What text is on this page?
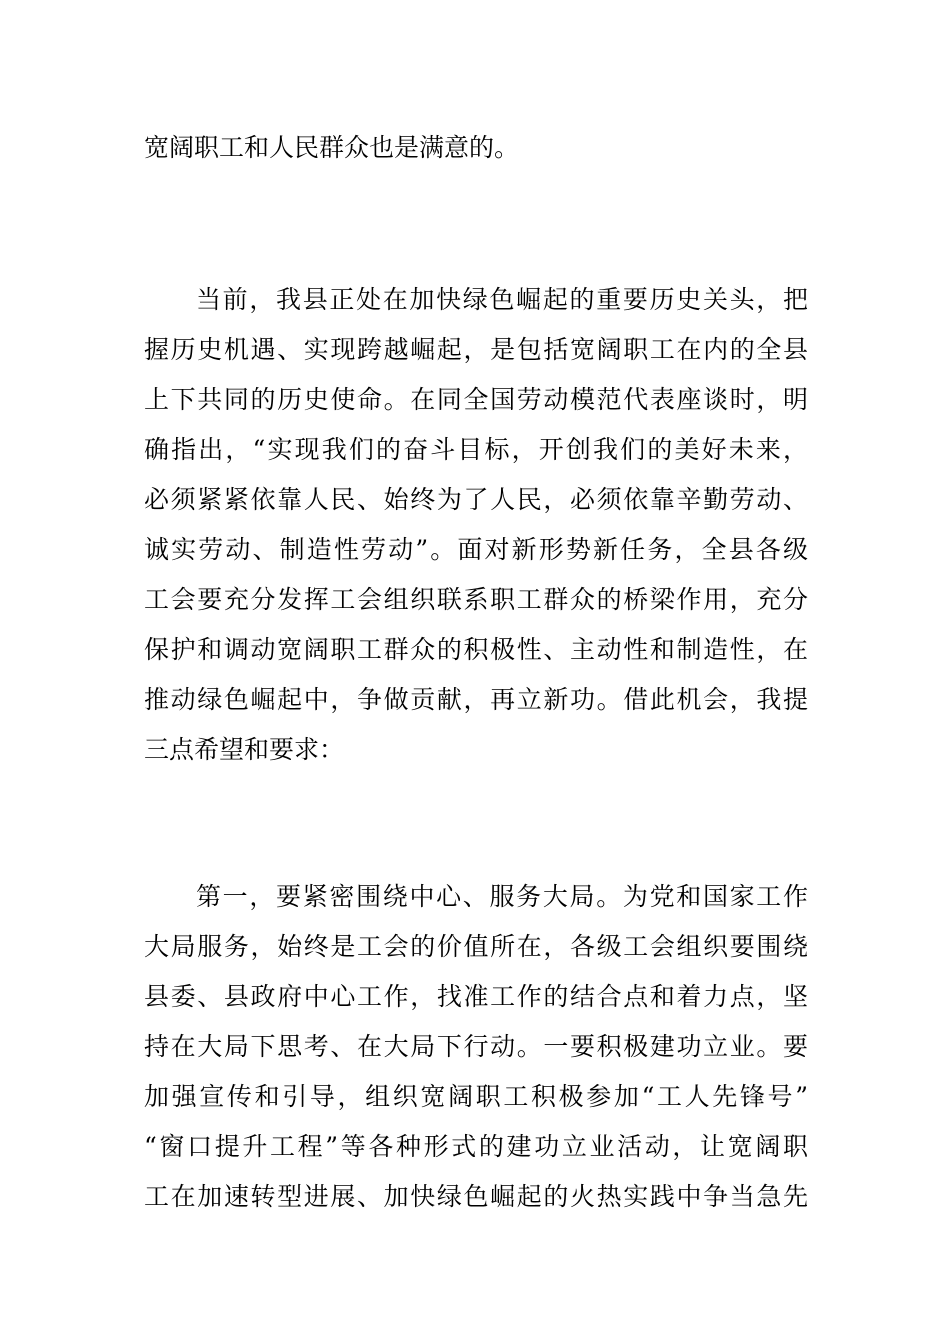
宽阔职工和人民群众也是满意的。
当前，我县正处在加快绿色崛起的重要历史关头，把
握历史机遇、实现跨越崛起，是包括宽阔职工在内的全县
上下共同的历史使命。在同全国劳动模范代表座谈时，明
确指出，“实现我们的奋斗目标，开创我们的美好未来，
必须紧紧依靠人民、始终为了人民，必须依靠辛勤劳动、
诚实劳动、制造性劳动”。面对新形势新任务，全县各级
工会要充分发挥工会组织联系职工群众的桥梁作用，充分
保护和调动宽阔职工群众的积极性、主动性和制造性，在
推动绿色崛起中，争做贡献，再立新功。借此机会，我提
三点希望和要求：
第一，要紧密围绕中心、服务大局。为党和国家工作
大局服务，始终是工会的价值所在，各级工会组织要围绕
县委、县政府中心工作，找准工作的结合点和着力点，坚
持在大局下思考、在大局下行动。一要积极建功立业。要
加强宣传和引导，组织宽阔职工积极参加“工人先锋号”
“窗口提升工程”等各种形式的建功立业活动，让宽阔职
工在加速转型进展、加快绿色崛起的火热实践中争当急先
